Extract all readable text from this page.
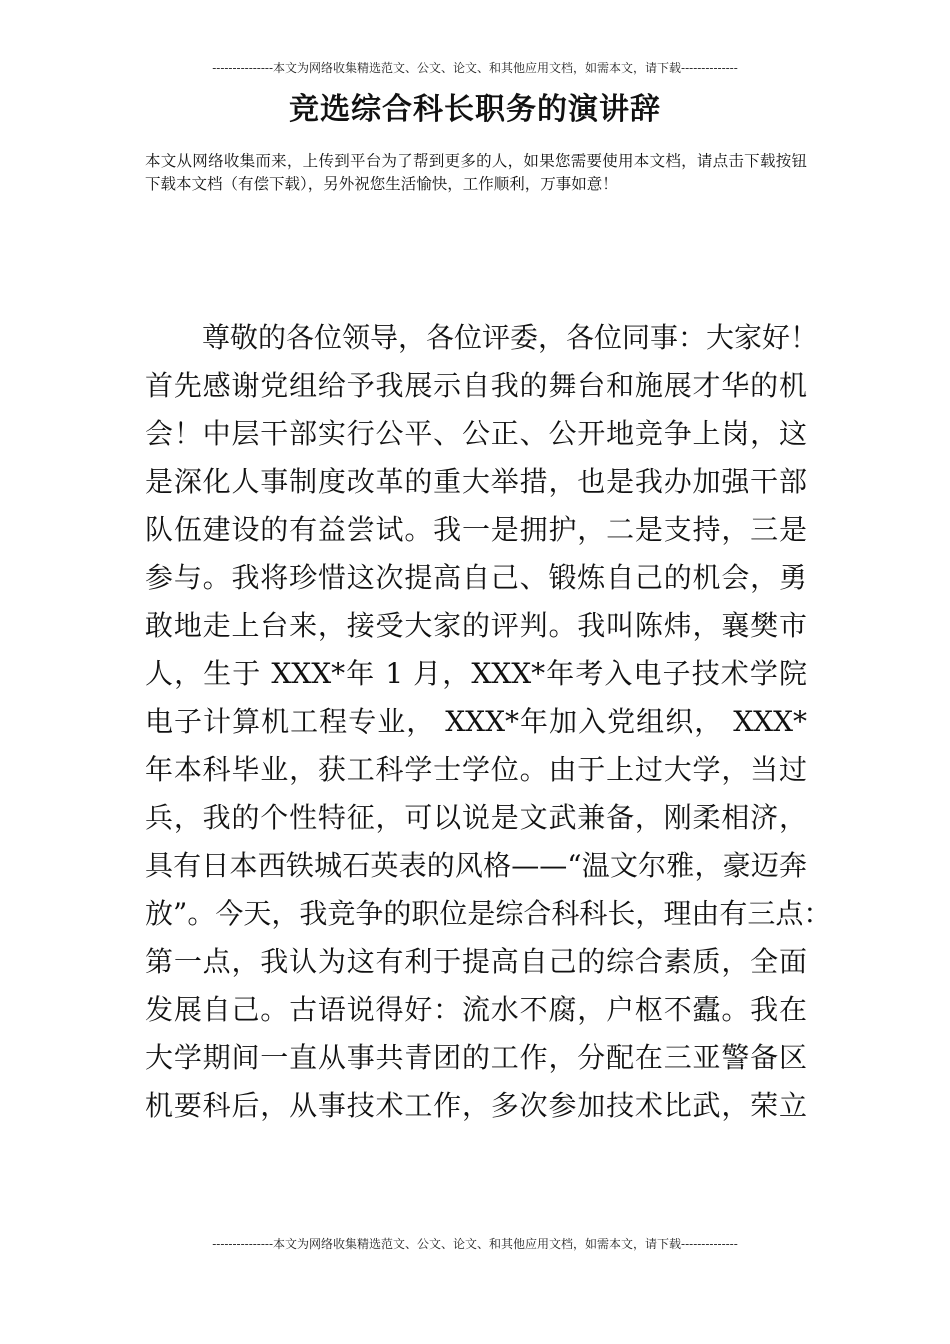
---------------本文为网络收集精选范文、公文、论文、和其他应用文档，如需本文，请下载--------------
竞选综合科长职务的演讲辞
本文从网络收集而来，上传到平台为了帮到更多的人，如果您需要使用本文档，请点击下载按钮下载本文档（有偿下载），另外祝您生活愉快，工作顺利，万事如意！
尊敬的各位领导，各位评委，各位同事：大家好！
首先感谢党组给予我展示自我的舞台和施展才华的机
会！中层干部实行公平、公正、公开地竞争上岗，这
是深化人事制度改革的重大举措，也是我办加强干部
队伍建设的有益尝试。我一是拥护，二是支持，三是
参与。我将珍惜这次提高自己、锻炼自己的机会，勇
敢地走上台来，接受大家的评判。我叫陈炜，襄樊市
人，生于 XXX*年 1 月，XXX*年考入电子技术学院
电子计算机工程专业， XXX*年加入党组织， XXX*
年本科毕业，获工科学士学位。由于上过大学，当过
兵，我的个性特征，可以说是文武兼备，刚柔相济，
具有日本西铁城石英表的风格——“温文尔雅，豪迈奔
放”。今天，我竞争的职位是综合科科长，理由有三点：
第一点，我认为这有利于提高自己的综合素质，全面
发展自己。古语说得好：流水不腐，户枢不蠹。我在
大学期间一直从事共青团的工作，分配在三亚警备区
机要科后，从事技术工作，多次参加技术比武，荣立
---------------本文为网络收集精选范文、公文、论文、和其他应用文档，如需本文，请下载--------------
